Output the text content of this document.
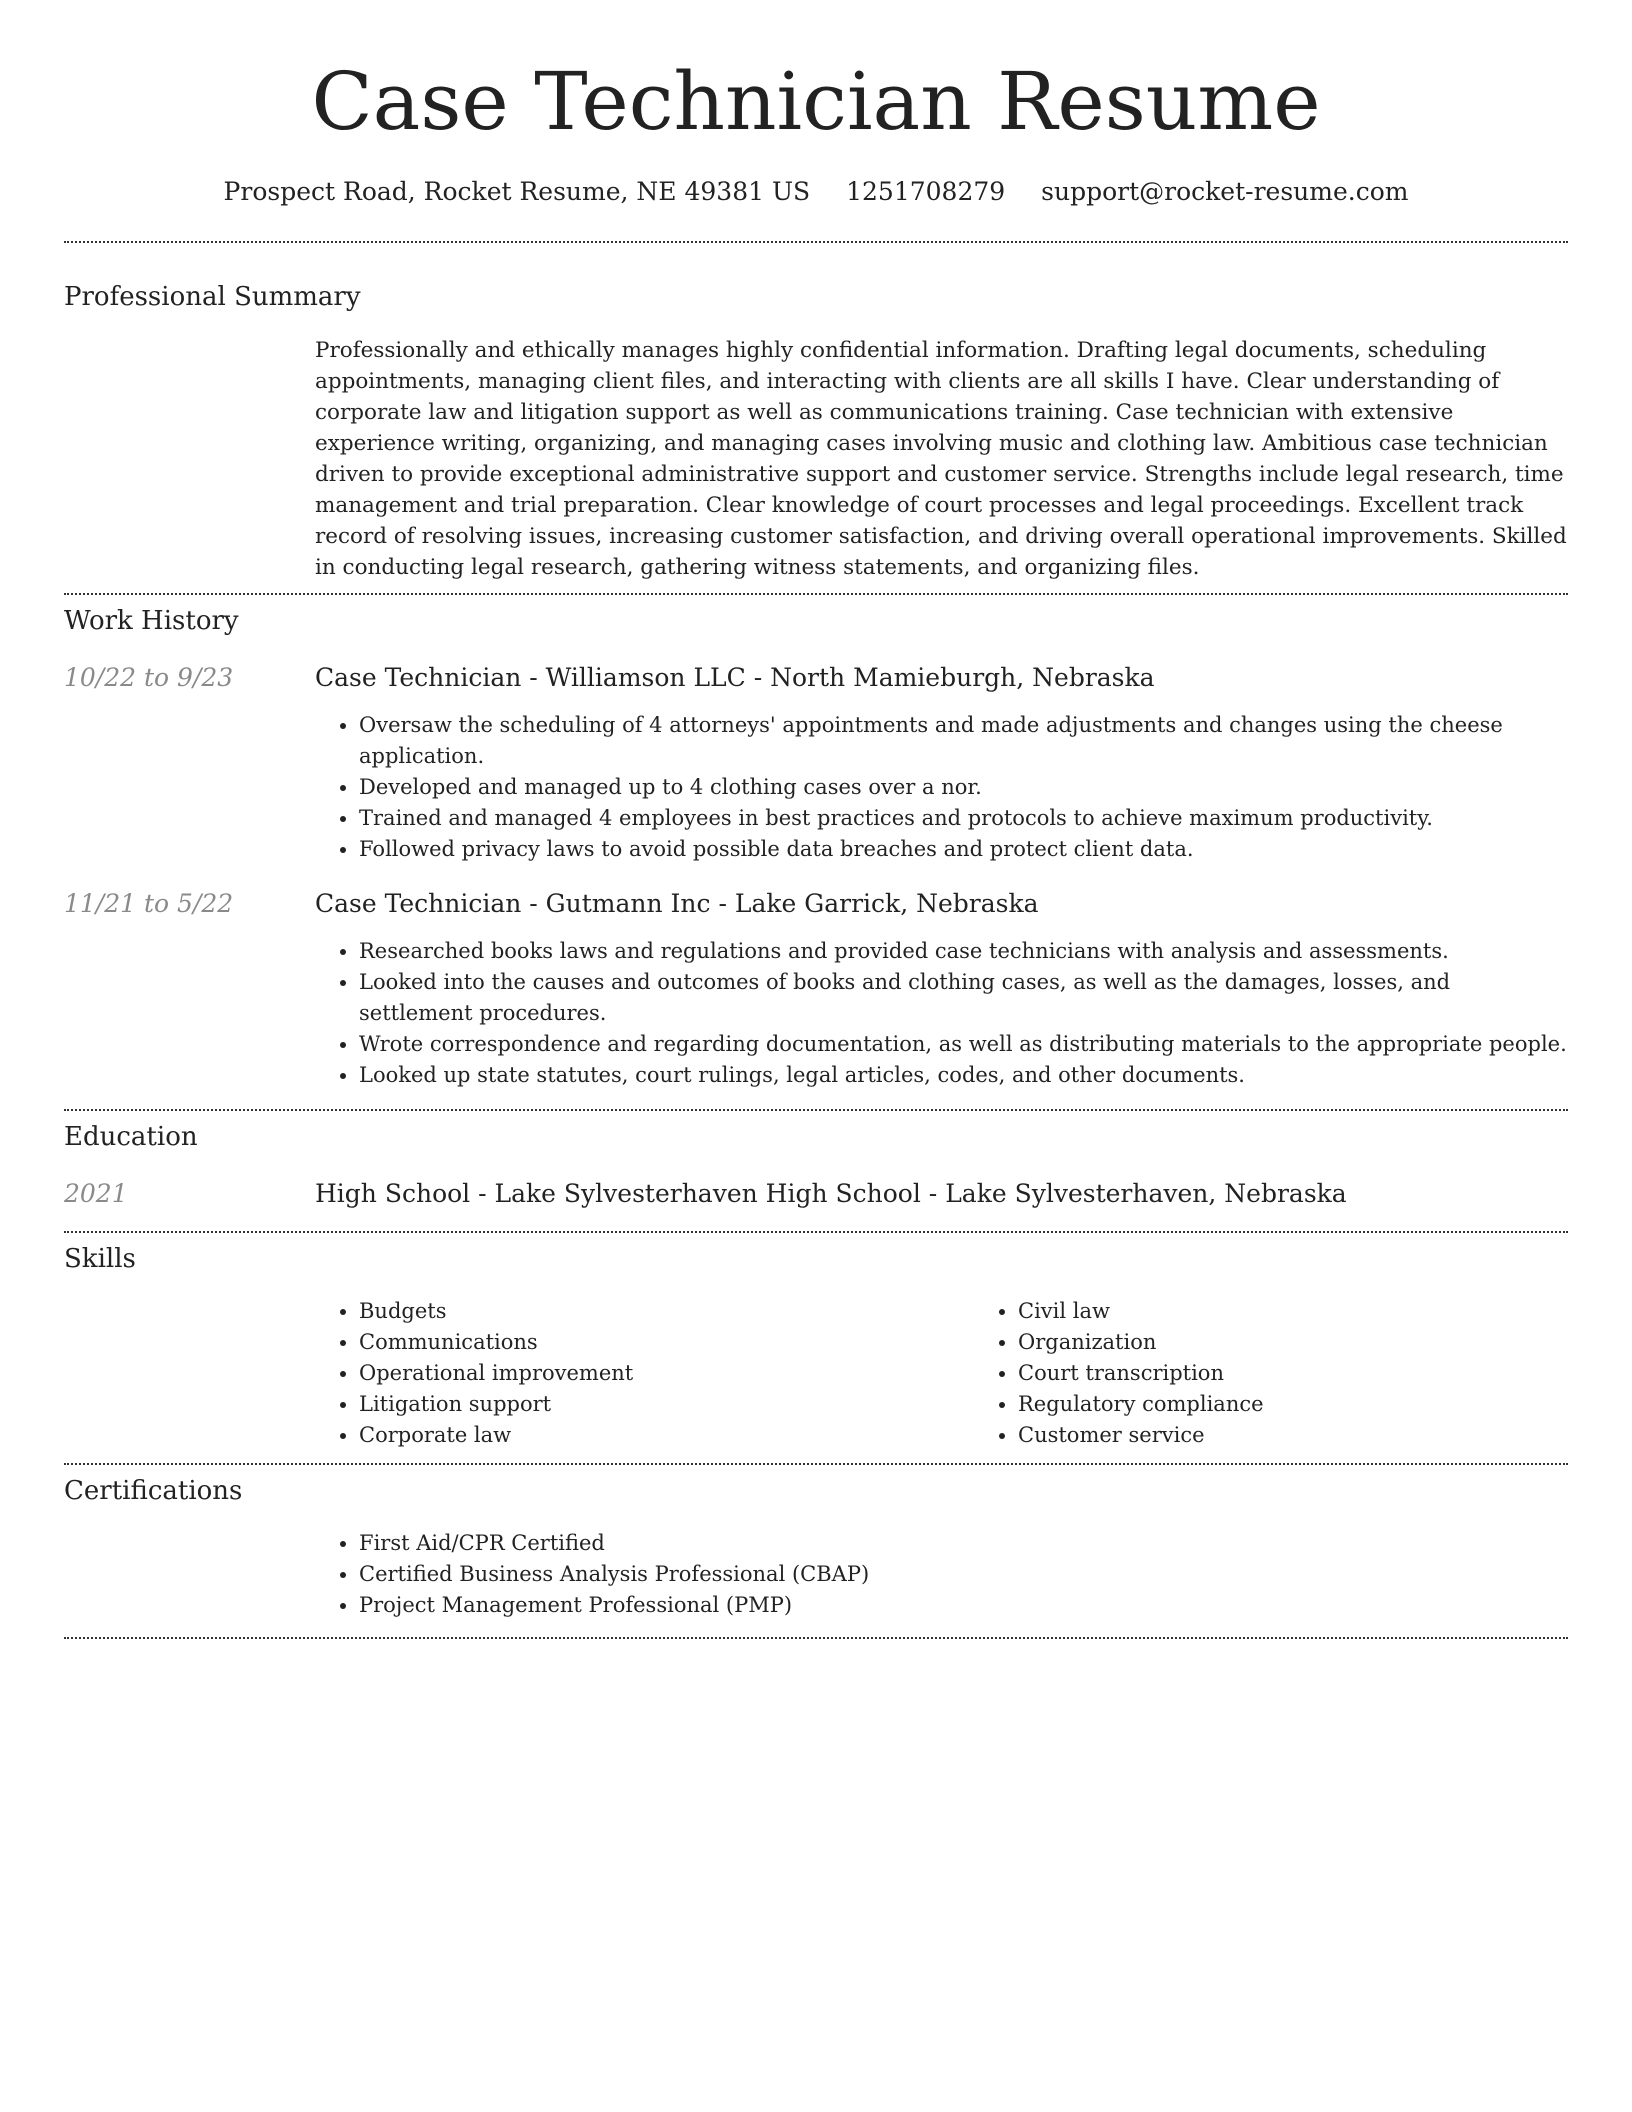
Case Technician Resume
Prospect Road, Rocket Resume, NE 49381 US 1251708279 support@rocket-resume.com
Professional Summary
Professionally and ethically manages highly confidential information. Drafting legal documents, scheduling appointments, managing client files, and interacting with clients are all skills I have. Clear understanding of corporate law and litigation support as well as communications training. Case technician with extensive experience writing, organizing, and managing cases involving music and clothing law. Ambitious case technician driven to provide exceptional administrative support and customer service. Strengths include legal research, time management and trial preparation. Clear knowledge of court processes and legal proceedings. Excellent track record of resolving issues, increasing customer satisfaction, and driving overall operational improvements. Skilled in conducting legal research, gathering witness statements, and organizing files.
Work History
10/22 to 9/23	Case Technician - Williamson LLC - North Mamieburgh, Nebraska
• Oversaw the scheduling of 4 attorneys' appointments and made adjustments and changes using the cheese application.
• Developed and managed up to 4 clothing cases over a nor.
• Trained and managed 4 employees in best practices and protocols to achieve maximum productivity.
• Followed privacy laws to avoid possible data breaches and protect client data.
11/21 to 5/22	Case Technician - Gutmann Inc - Lake Garrick, Nebraska
• Researched books laws and regulations and provided case technicians with analysis and assessments.
• Looked into the causes and outcomes of books and clothing cases, as well as the damages, losses, and settlement procedures.
• Wrote correspondence and regarding documentation, as well as distributing materials to the appropriate people.
• Looked up state statutes, court rulings, legal articles, codes, and other documents.
Education
2021	High School - Lake Sylvesterhaven High School - Lake Sylvesterhaven, Nebraska
Skills
• Budgets
• Communications
• Operational improvement
• Litigation support
• Corporate law
• Civil law
• Organization
• Court transcription
• Regulatory compliance
• Customer service
Certifications
• First Aid/CPR Certified
• Certified Business Analysis Professional (CBAP)
• Project Management Professional (PMP)
